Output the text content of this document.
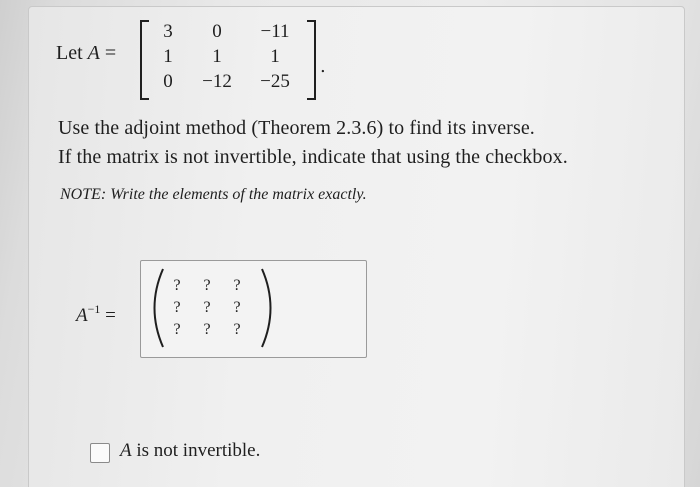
Let A =
3	0	−11
1	1	1
0	−12	−25
.
Use the adjoint method (Theorem 2.3.6) to find its inverse.
If the matrix is not invertible, indicate that using the checkbox.
NOTE: Write the elements of the matrix exactly.
$A^{-1}$ =
? ? ?
? ? ?
? ? ?
A is not invertible.
